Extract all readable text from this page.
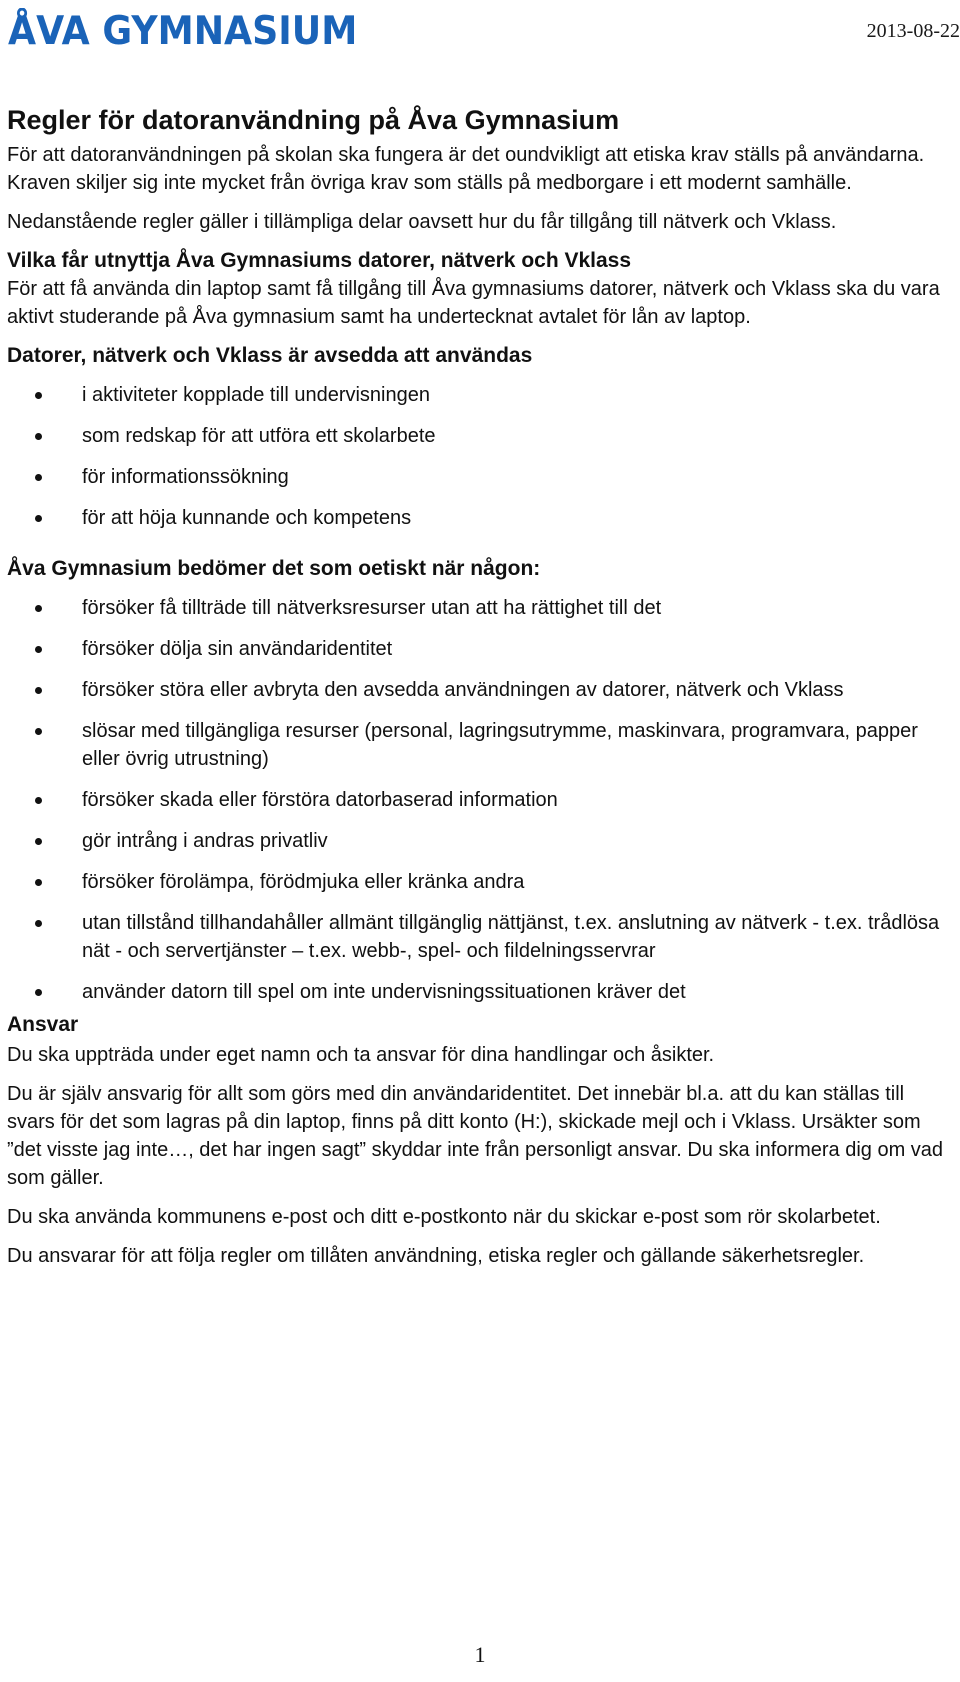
ÅVA GYMNASIUM	2013-08-22
Regler för datoranvändning på Åva Gymnasium

För att datoranvändningen på skolan ska fungera är det oundvikligt att etiska krav ställs på användarna. Kraven skiljer sig inte mycket från övriga krav som ställs på medborgare i ett modernt samhälle.

Nedanstående regler gäller i tillämpliga delar oavsett hur du får tillgång till nätverk och Vklass.

Vilka får utnyttja Åva Gymnasiums datorer, nätverk och Vklass

För att få använda din laptop samt få tillgång till Åva gymnasiums datorer, nätverk och Vklass ska du vara aktivt studerande på Åva gymnasium samt ha undertecknat avtalet för lån av laptop.

Datorer, nätverk och Vklass är avsedda att användas
i aktiviteter kopplade till undervisningen
som redskap för att utföra ett skolarbete
för informationssökning
för att höja kunnande och kompetens
Åva Gymnasium bedömer det som oetiskt när någon:
försöker få tillträde till nätverksresurser utan att ha rättighet till det
försöker dölja sin användaridentitet
försöker störa eller avbryta den avsedda användningen av datorer, nätverk och Vklass
slösar med tillgängliga resurser (personal, lagringsutrymme, maskinvara, programvara, papper eller övrig utrustning)
försöker skada eller förstöra datorbaserad information
gör intrång i andras privatliv
försöker förolämpa, förödmjuka eller kränka andra
utan tillstånd tillhandahåller allmänt tillgänglig nättjänst, t.ex. anslutning av nätverk - t.ex. trådlösa nät - och servertjänster – t.ex. webb-, spel- och fildelningsservrar
använder datorn till spel om inte undervisningssituationen kräver det
Ansvar

Du ska uppträda under eget namn och ta ansvar för dina handlingar och åsikter.

Du är själv ansvarig för allt som görs med din användaridentitet. Det innebär bl.a. att du kan ställas till svars för det som lagras på din laptop, finns på ditt konto (H:), skickade mejl och i Vklass. Ursäkter som ”det visste jag inte…, det har ingen sagt” skyddar inte från personligt ansvar. Du ska informera dig om vad som gäller.

Du ska använda kommunens e-post och ditt e-postkonto när du skickar e-post som rör skolarbetet.

Du ansvarar för att följa regler om tillåten användning, etiska regler och gällande säkerhetsregler.

1
